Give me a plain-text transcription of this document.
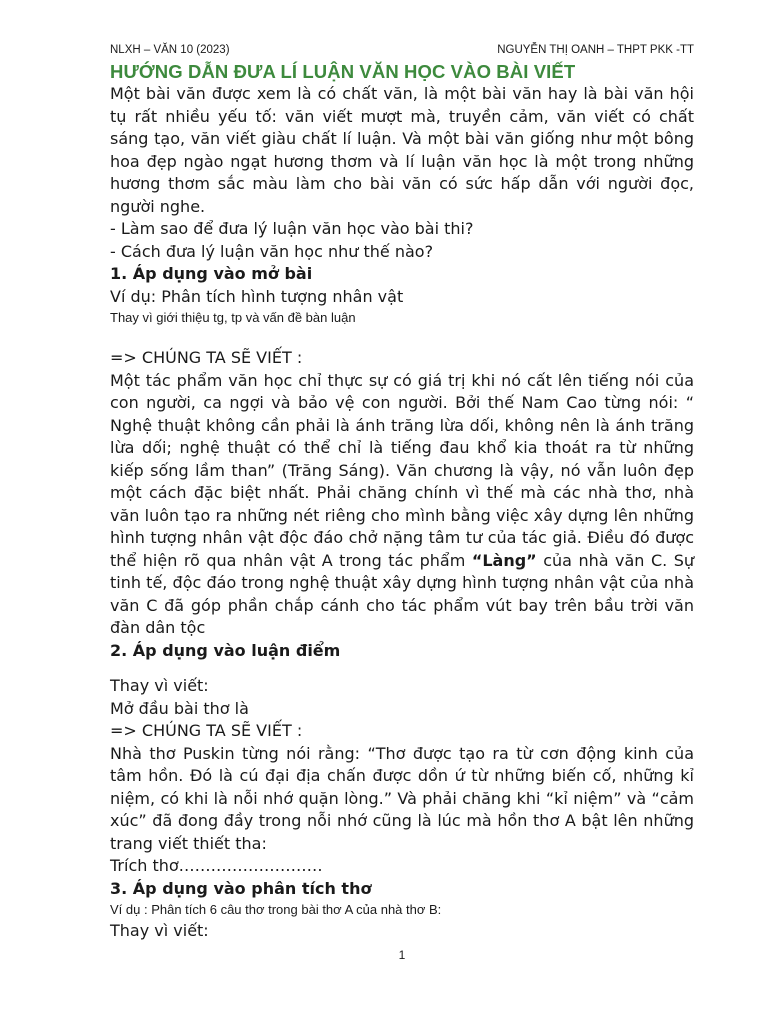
NLXH – VĂN 10 (2023)	NGUYỄN THỊ OANH – THPT PKK -TT
HƯỚNG DẪN ĐƯA LÍ LUẬN VĂN HỌC VÀO BÀI VIẾT

Một bài văn được xem là có chất văn, là một bài văn hay là bài văn hội tụ rất nhiều yếu tố: văn viết mượt mà, truyền cảm, văn viết có chất sáng tạo, văn viết giàu chất lí luận. Và một bài văn giống như một bông hoa đẹp ngào ngạt hương thơm và lí luận văn học là một trong những hương thơm sắc màu làm cho bài văn có sức hấp dẫn với người đọc, người nghe.

- Làm sao để đưa lý luận văn học vào bài thi?

- Cách đưa lý luận văn học như thế nào?

1. Áp dụng vào mở bài

Ví dụ: Phân tích hình tượng nhân vật

Thay vì giới thiệu tg, tp và vấn đề bàn luận

=> CHÚNG TA SẼ VIẾT :

Một tác phẩm văn học chỉ thực sự có giá trị khi nó cất lên tiếng nói của con người, ca ngợi và bảo vệ con người. Bởi thế Nam Cao từng nói: “ Nghệ thuật không cần phải là ánh trăng lừa dối, không nên là ánh trăng lừa dối; nghệ thuật có thể chỉ là tiếng đau khổ kia thoát ra từ những kiếp sống lầm than” (Trăng Sáng). Văn chương là vậy, nó vẫn luôn đẹp một cách đặc biệt nhất. Phải chăng chính vì thế mà các nhà thơ, nhà văn luôn tạo ra những nét riêng cho mình bằng việc xây dựng lên những hình tượng nhân vật độc đáo chở nặng tâm tư của tác giả. Điều đó được thể hiện rõ qua nhân vật A trong tác phẩm “Làng” của nhà văn C. Sự tinh tế, độc đáo trong nghệ thuật xây dựng hình tượng nhân vật của nhà văn C đã góp phần chắp cánh cho tác phẩm vút bay trên bầu trời văn đàn dân tộc

2. Áp dụng vào luận điểm

Thay vì viết:

Mở đầu bài thơ là

=> CHÚNG TA SẼ VIẾT :

Nhà thơ Puskin từng nói rằng: “Thơ được tạo ra từ cơn động kinh của tâm hồn. Đó là cú đại địa chấn được dồn ứ từ những biến cố, những kỉ niệm, có khi là nỗi nhớ quặn lòng.” Và phải chăng khi “kỉ niệm” và “cảm xúc” đã đong đầy trong nỗi nhớ cũng là lúc mà hồn thơ A bật lên những trang viết thiết tha:

Trích thơ………………………

3. Áp dụng vào phân tích thơ

Ví dụ : Phân tích 6 câu thơ trong bài thơ A của nhà thơ B:

Thay vì viết:

1
